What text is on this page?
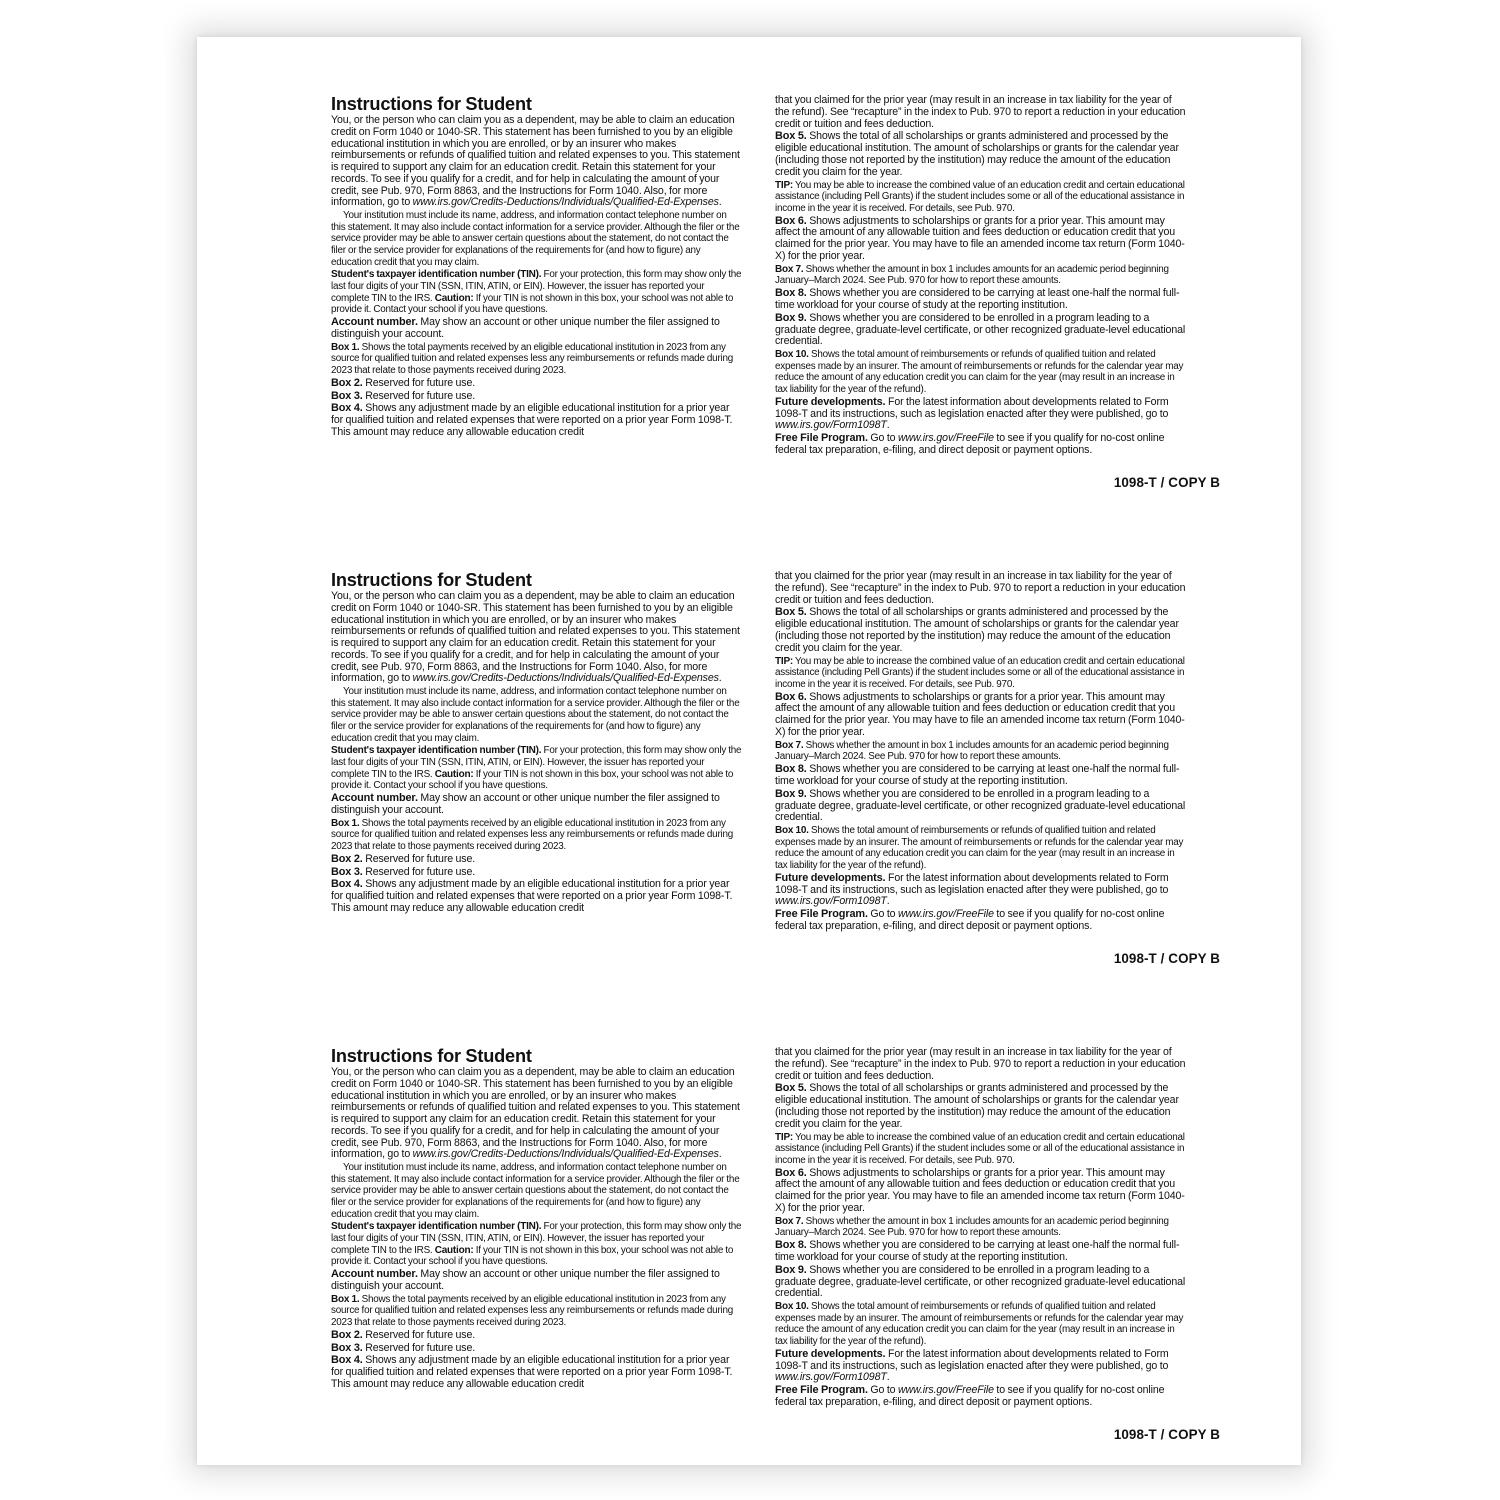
Instructions for Student

You, or the person who can claim you as a dependent, may be able to claim an education credit on Form 1040 or 1040-SR. This statement has been furnished to you by an eligible educational institution in which you are enrolled, or by an insurer who makes reimbursements or refunds of qualified tuition and related expenses to you. This statement is required to support any claim for an education credit. Retain this statement for your records. To see if you qualify for a credit, and for help in calculating the amount of your credit, see Pub. 970, Form 8863, and the Instructions for Form 1040. Also, for more information, go to www.irs.gov/Credits-Deductions/Individuals/Qualified-Ed-Expenses.

Your institution must include its name, address, and information contact telephone number on this statement. It may also include contact information for a service provider. Although the filer or the service provider may be able to answer certain questions about the statement, do not contact the filer or the service provider for explanations of the requirements for (and how to figure) any education credit that you may claim.

Student's taxpayer identification number (TIN). For your protection, this form may show only the last four digits of your TIN (SSN, ITIN, ATIN, or EIN). However, the issuer has reported your complete TIN to the IRS. Caution: If your TIN is not shown in this box, your school was not able to provide it. Contact your school if you have questions.

Account number. May show an account or other unique number the filer assigned to distinguish your account.

Box 1. Shows the total payments received by an eligible educational institution in 2023 from any source for qualified tuition and related expenses less any reimbursements or refunds made during 2023 that relate to those payments received during 2023.

Box 2. Reserved for future use.

Box 3. Reserved for future use.

Box 4. Shows any adjustment made by an eligible educational institution for a prior year for qualified tuition and related expenses that were reported on a prior year Form 1098-T. This amount may reduce any allowable education credit

that you claimed for the prior year (may result in an increase in tax liability for the year of the refund). See “recapture” in the index to Pub. 970 to report a reduction in your education credit or tuition and fees deduction.

Box 5. Shows the total of all scholarships or grants administered and processed by the eligible educational institution. The amount of scholarships or grants for the calendar year (including those not reported by the institution) may reduce the amount of the education credit you claim for the year.

TIP: You may be able to increase the combined value of an education credit and certain educational assistance (including Pell Grants) if the student includes some or all of the educational assistance in income in the year it is received. For details, see Pub. 970.

Box 6. Shows adjustments to scholarships or grants for a prior year. This amount may affect the amount of any allowable tuition and fees deduction or education credit that you claimed for the prior year. You may have to file an amended income tax return (Form 1040-X) for the prior year.

Box 7. Shows whether the amount in box 1 includes amounts for an academic period beginning January–March 2024. See Pub. 970 for how to report these amounts.

Box 8. Shows whether you are considered to be carrying at least one-half the normal full-time workload for your course of study at the reporting institution.

Box 9. Shows whether you are considered to be enrolled in a program leading to a graduate degree, graduate-level certificate, or other recognized graduate-level educational credential.

Box 10. Shows the total amount of reimbursements or refunds of qualified tuition and related expenses made by an insurer. The amount of reimbursements or refunds for the calendar year may reduce the amount of any education credit you can claim for the year (may result in an increase in tax liability for the year of the refund).

Future developments. For the latest information about developments related to Form 1098-T and its instructions, such as legislation enacted after they were published, go to www.irs.gov/Form1098T.

Free File Program. Go to www.irs.gov/FreeFile to see if you qualify for no-cost online federal tax preparation, e-filing, and direct deposit or payment options.

1098-T / COPY B
Instructions for Student

You, or the person who can claim you as a dependent, may be able to claim an education credit on Form 1040 or 1040-SR. This statement has been furnished to you by an eligible educational institution in which you are enrolled, or by an insurer who makes reimbursements or refunds of qualified tuition and related expenses to you. This statement is required to support any claim for an education credit. Retain this statement for your records. To see if you qualify for a credit, and for help in calculating the amount of your credit, see Pub. 970, Form 8863, and the Instructions for Form 1040. Also, for more information, go to www.irs.gov/Credits-Deductions/Individuals/Qualified-Ed-Expenses.

Your institution must include its name, address, and information contact telephone number on this statement. It may also include contact information for a service provider. Although the filer or the service provider may be able to answer certain questions about the statement, do not contact the filer or the service provider for explanations of the requirements for (and how to figure) any education credit that you may claim.

Student's taxpayer identification number (TIN). For your protection, this form may show only the last four digits of your TIN (SSN, ITIN, ATIN, or EIN). However, the issuer has reported your complete TIN to the IRS. Caution: If your TIN is not shown in this box, your school was not able to provide it. Contact your school if you have questions.

Account number. May show an account or other unique number the filer assigned to distinguish your account.

Box 1. Shows the total payments received by an eligible educational institution in 2023 from any source for qualified tuition and related expenses less any reimbursements or refunds made during 2023 that relate to those payments received during 2023.

Box 2. Reserved for future use.

Box 3. Reserved for future use.

Box 4. Shows any adjustment made by an eligible educational institution for a prior year for qualified tuition and related expenses that were reported on a prior year Form 1098-T. This amount may reduce any allowable education credit

that you claimed for the prior year (may result in an increase in tax liability for the year of the refund). See “recapture” in the index to Pub. 970 to report a reduction in your education credit or tuition and fees deduction.

Box 5. Shows the total of all scholarships or grants administered and processed by the eligible educational institution. The amount of scholarships or grants for the calendar year (including those not reported by the institution) may reduce the amount of the education credit you claim for the year.

TIP: You may be able to increase the combined value of an education credit and certain educational assistance (including Pell Grants) if the student includes some or all of the educational assistance in income in the year it is received. For details, see Pub. 970.

Box 6. Shows adjustments to scholarships or grants for a prior year. This amount may affect the amount of any allowable tuition and fees deduction or education credit that you claimed for the prior year. You may have to file an amended income tax return (Form 1040-X) for the prior year.

Box 7. Shows whether the amount in box 1 includes amounts for an academic period beginning January–March 2024. See Pub. 970 for how to report these amounts.

Box 8. Shows whether you are considered to be carrying at least one-half the normal full-time workload for your course of study at the reporting institution.

Box 9. Shows whether you are considered to be enrolled in a program leading to a graduate degree, graduate-level certificate, or other recognized graduate-level educational credential.

Box 10. Shows the total amount of reimbursements or refunds of qualified tuition and related expenses made by an insurer. The amount of reimbursements or refunds for the calendar year may reduce the amount of any education credit you can claim for the year (may result in an increase in tax liability for the year of the refund).

Future developments. For the latest information about developments related to Form 1098-T and its instructions, such as legislation enacted after they were published, go to www.irs.gov/Form1098T.

Free File Program. Go to www.irs.gov/FreeFile to see if you qualify for no-cost online federal tax preparation, e-filing, and direct deposit or payment options.

1098-T / COPY B
Instructions for Student

You, or the person who can claim you as a dependent, may be able to claim an education credit on Form 1040 or 1040-SR. This statement has been furnished to you by an eligible educational institution in which you are enrolled, or by an insurer who makes reimbursements or refunds of qualified tuition and related expenses to you. This statement is required to support any claim for an education credit. Retain this statement for your records. To see if you qualify for a credit, and for help in calculating the amount of your credit, see Pub. 970, Form 8863, and the Instructions for Form 1040. Also, for more information, go to www.irs.gov/Credits-Deductions/Individuals/Qualified-Ed-Expenses.

Your institution must include its name, address, and information contact telephone number on this statement. It may also include contact information for a service provider. Although the filer or the service provider may be able to answer certain questions about the statement, do not contact the filer or the service provider for explanations of the requirements for (and how to figure) any education credit that you may claim.

Student's taxpayer identification number (TIN). For your protection, this form may show only the last four digits of your TIN (SSN, ITIN, ATIN, or EIN). However, the issuer has reported your complete TIN to the IRS. Caution: If your TIN is not shown in this box, your school was not able to provide it. Contact your school if you have questions.

Account number. May show an account or other unique number the filer assigned to distinguish your account.

Box 1. Shows the total payments received by an eligible educational institution in 2023 from any source for qualified tuition and related expenses less any reimbursements or refunds made during 2023 that relate to those payments received during 2023.

Box 2. Reserved for future use.

Box 3. Reserved for future use.

Box 4. Shows any adjustment made by an eligible educational institution for a prior year for qualified tuition and related expenses that were reported on a prior year Form 1098-T. This amount may reduce any allowable education credit

that you claimed for the prior year (may result in an increase in tax liability for the year of the refund). See “recapture” in the index to Pub. 970 to report a reduction in your education credit or tuition and fees deduction.

Box 5. Shows the total of all scholarships or grants administered and processed by the eligible educational institution. The amount of scholarships or grants for the calendar year (including those not reported by the institution) may reduce the amount of the education credit you claim for the year.

TIP: You may be able to increase the combined value of an education credit and certain educational assistance (including Pell Grants) if the student includes some or all of the educational assistance in income in the year it is received. For details, see Pub. 970.

Box 6. Shows adjustments to scholarships or grants for a prior year. This amount may affect the amount of any allowable tuition and fees deduction or education credit that you claimed for the prior year. You may have to file an amended income tax return (Form 1040-X) for the prior year.

Box 7. Shows whether the amount in box 1 includes amounts for an academic period beginning January–March 2024. See Pub. 970 for how to report these amounts.

Box 8. Shows whether you are considered to be carrying at least one-half the normal full-time workload for your course of study at the reporting institution.

Box 9. Shows whether you are considered to be enrolled in a program leading to a graduate degree, graduate-level certificate, or other recognized graduate-level educational credential.

Box 10. Shows the total amount of reimbursements or refunds of qualified tuition and related expenses made by an insurer. The amount of reimbursements or refunds for the calendar year may reduce the amount of any education credit you can claim for the year (may result in an increase in tax liability for the year of the refund).

Future developments. For the latest information about developments related to Form 1098-T and its instructions, such as legislation enacted after they were published, go to www.irs.gov/Form1098T.

Free File Program. Go to www.irs.gov/FreeFile to see if you qualify for no-cost online federal tax preparation, e-filing, and direct deposit or payment options.

1098-T / COPY B
